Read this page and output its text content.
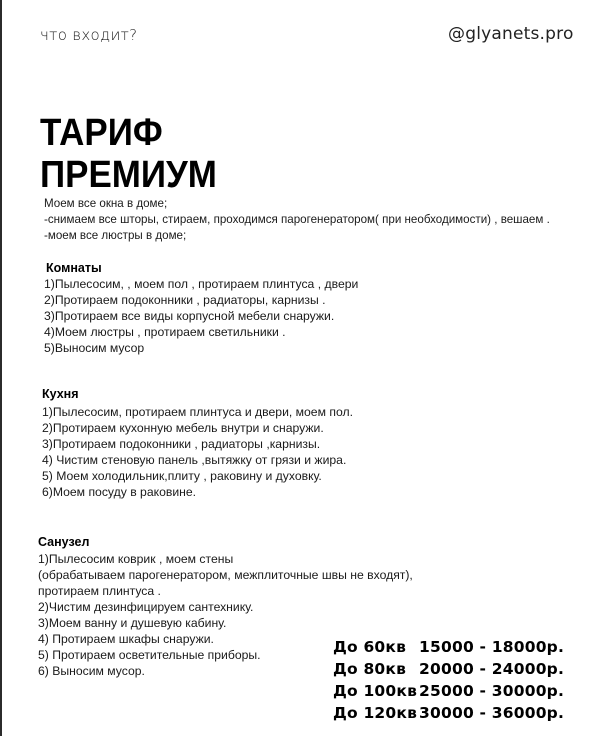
что входит?	@glyanets.pro
ТАРИФ
ПРЕМИУМ
Моем все окна в доме;
-снимаем все шторы, стираем, проходимся парогенератором( при необходимости) , вешаем .
-моем все люстры в доме;
Комнаты
1)Пылесосим, , моем пол , протираем плинтуса , двери
2)Протираем подоконники , радиаторы, карнизы .
3)Протираем все виды корпусной мебели снаружи.
4)Моем люстры , протираем светильники .
5)Выносим мусор
Кухня
1)Пылесосим, протираем плинтуса и двери, моем пол.
2)Протираем кухонную мебель внутри и снаружи.
3)Протираем подоконники , радиаторы ,карнизы.
4) Чистим стеновую панель ,вытяжку от грязи и жира.
5) Моем холодильник,плиту , раковину и духовку.
6)Моем посуду в раковине.
Санузел
1)Пылесосим коврик , моем стены
(обрабатываем парогенератором, межплиточные швы не входят),
протираем плинтуса .
2)Чистим дезинфицируем сантехнику.
3)Моем ванну и душевую кабину.
4) Протираем шкафы снаружи.
5) Протираем осветительные приборы.
6) Выносим мусор.
До 60кв 15000 - 18000р.
До 80кв 20000 - 24000р.
До 100кв 25000 - 30000р.
До 120кв 30000 - 36000р.
